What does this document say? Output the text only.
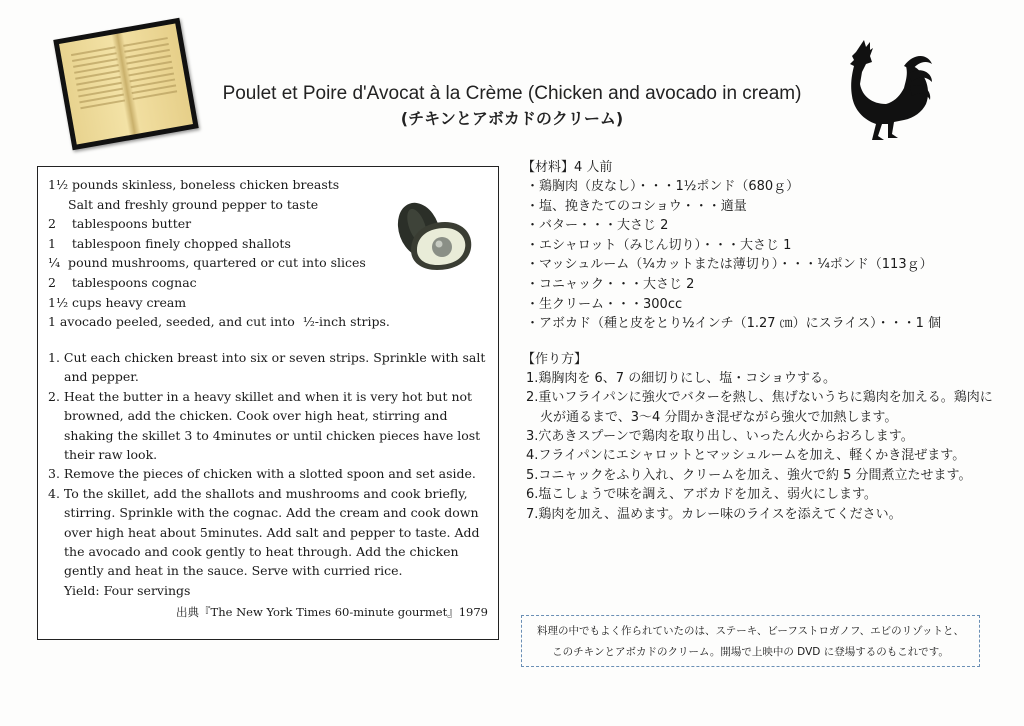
Poulet et Poire d'Avocat à la Crème (Chicken and avocado in cream)
(チキンとアボカドのクリーム)
1½ pounds skinless, boneless chicken breasts
Salt and freshly ground pepper to taste
2    tablespoons butter
1    tablespoon finely chopped shallots
¼  pound mushrooms, quartered or cut into slices
2    tablespoons cognac
1½ cups heavy cream
1 avocado peeled, seeded, and cut into  ½-inch strips.
1. Cut each chicken breast into six or seven strips. Sprinkle with salt and pepper.
2. Heat the butter in a heavy skillet and when it is very hot but not browned, add the chicken. Cook over high heat, stirring and shaking the skillet 3 to 4minutes or until chicken pieces have lost their raw look.
3. Remove the pieces of chicken with a slotted spoon and set aside.
4. To the skillet, add the shallots and mushrooms and cook briefly, stirring. Sprinkle with the cognac. Add the cream and cook down over high heat about 5minutes. Add salt and pepper to taste. Add the avocado and cook gently to heat through. Add the chicken gently and heat in the sauce. Serve with curried rice.
Yield: Four servings
出典『The New York Times 60-minute gourmet』1979
【材料】4 人前
・鶏胸肉（皮なし）・・・1½ポンド（680ｇ）
・塩、挽きたてのコショウ・・・適量
・バター・・・大さじ 2
・エシャロット（みじん切り）・・・大さじ 1
・マッシュルーム（¼カットまたは薄切り）・・・¼ポンド（113ｇ）
・コニャック・・・大さじ 2
・生クリーム・・・300cc
・アボカド（種と皮をとり½インチ（1.27 ㎝）にスライス）・・・1 個
【作り方】
1.鶏胸肉を 6、7 の細切りにし、塩・コショウする。
2.重いフライパンに強火でバターを熱し、焦げないうちに鶏肉を加える。鶏肉に火が通るまで、3～4 分間かき混ぜながら強火で加熱します。
3.穴あきスプーンで鶏肉を取り出し、いったん火からおろします。
4.フライパンにエシャロットとマッシュルームを加え、軽くかき混ぜます。
5.コニャックをふり入れ、クリームを加え、強火で約 5 分間煮立たせます。
6.塩こしょうで味を調え、アボカドを加え、弱火にします。
7.鶏肉を加え、温めます。カレー味のライスを添えてください。
料理の中でもよく作られていたのは、ステーキ、ビーフストロガノフ、エビのリゾットと、
このチキンとアボカドのクリーム。開場で上映中の DVD に登場するのもこれです。
